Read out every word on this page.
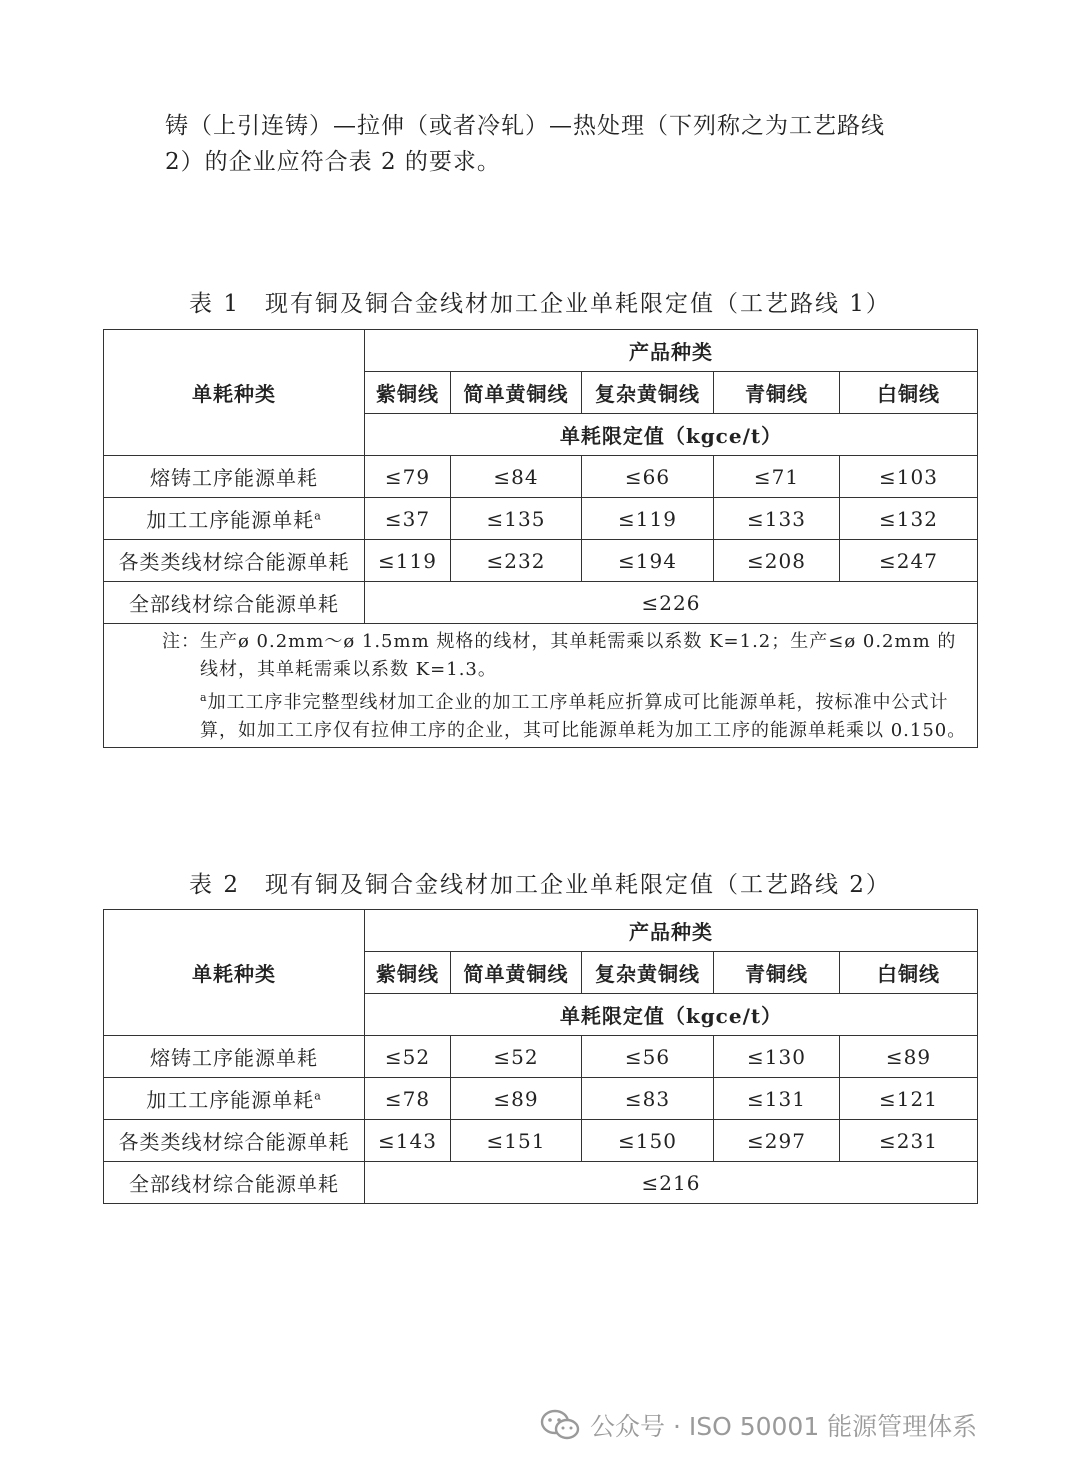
铸（上引连铸）—拉伸（或者冷轧）—热处理（下列称之为工艺路线

2）的企业应符合表 2 的要求。

表 1　现有铜及铜合金线材加工企业单耗限定值（工艺路线 1）
单耗种类	产品种类				
	紫铜线	简单黄铜线	复杂黄铜线	青铜线	白铜线
	单耗限定值（kgce/t）				
熔铸工序能源单耗	≤79	≤84	≤66	≤71	≤103
加工工序能源单耗$^a$	≤37	≤135	≤119	≤133	≤132
各类类线材综合能源单耗	≤119	≤232	≤194	≤208	≤247
全部线材综合能源单耗	≤226				

注：生产ø 0.2mm～ø 1.5mm 规格的线材，其单耗需乘以系数 K=1.2；生产≤ø 0.2mm 的

线材，其单耗需乘以系数 K=1.3。

$^a$加工工序非完整型线材加工企业的加工工序单耗应折算成可比能源单耗，按标准中公式计算，如加工工序仅有拉伸工序的企业，其可比能源单耗为加工工序的能源单耗乘以 0.150。					

表 2　现有铜及铜合金线材加工企业单耗限定值（工艺路线 2）
单耗种类	产品种类				
	紫铜线	简单黄铜线	复杂黄铜线	青铜线	白铜线
	单耗限定值（kgce/t）				
熔铸工序能源单耗	≤52	≤52	≤56	≤130	≤89
加工工序能源单耗$^a$	≤78	≤89	≤83	≤131	≤121
各类类线材综合能源单耗	≤143	≤151	≤150	≤297	≤231
全部线材综合能源单耗	≤216				
公众号 · ISO 50001 能源管理体系
